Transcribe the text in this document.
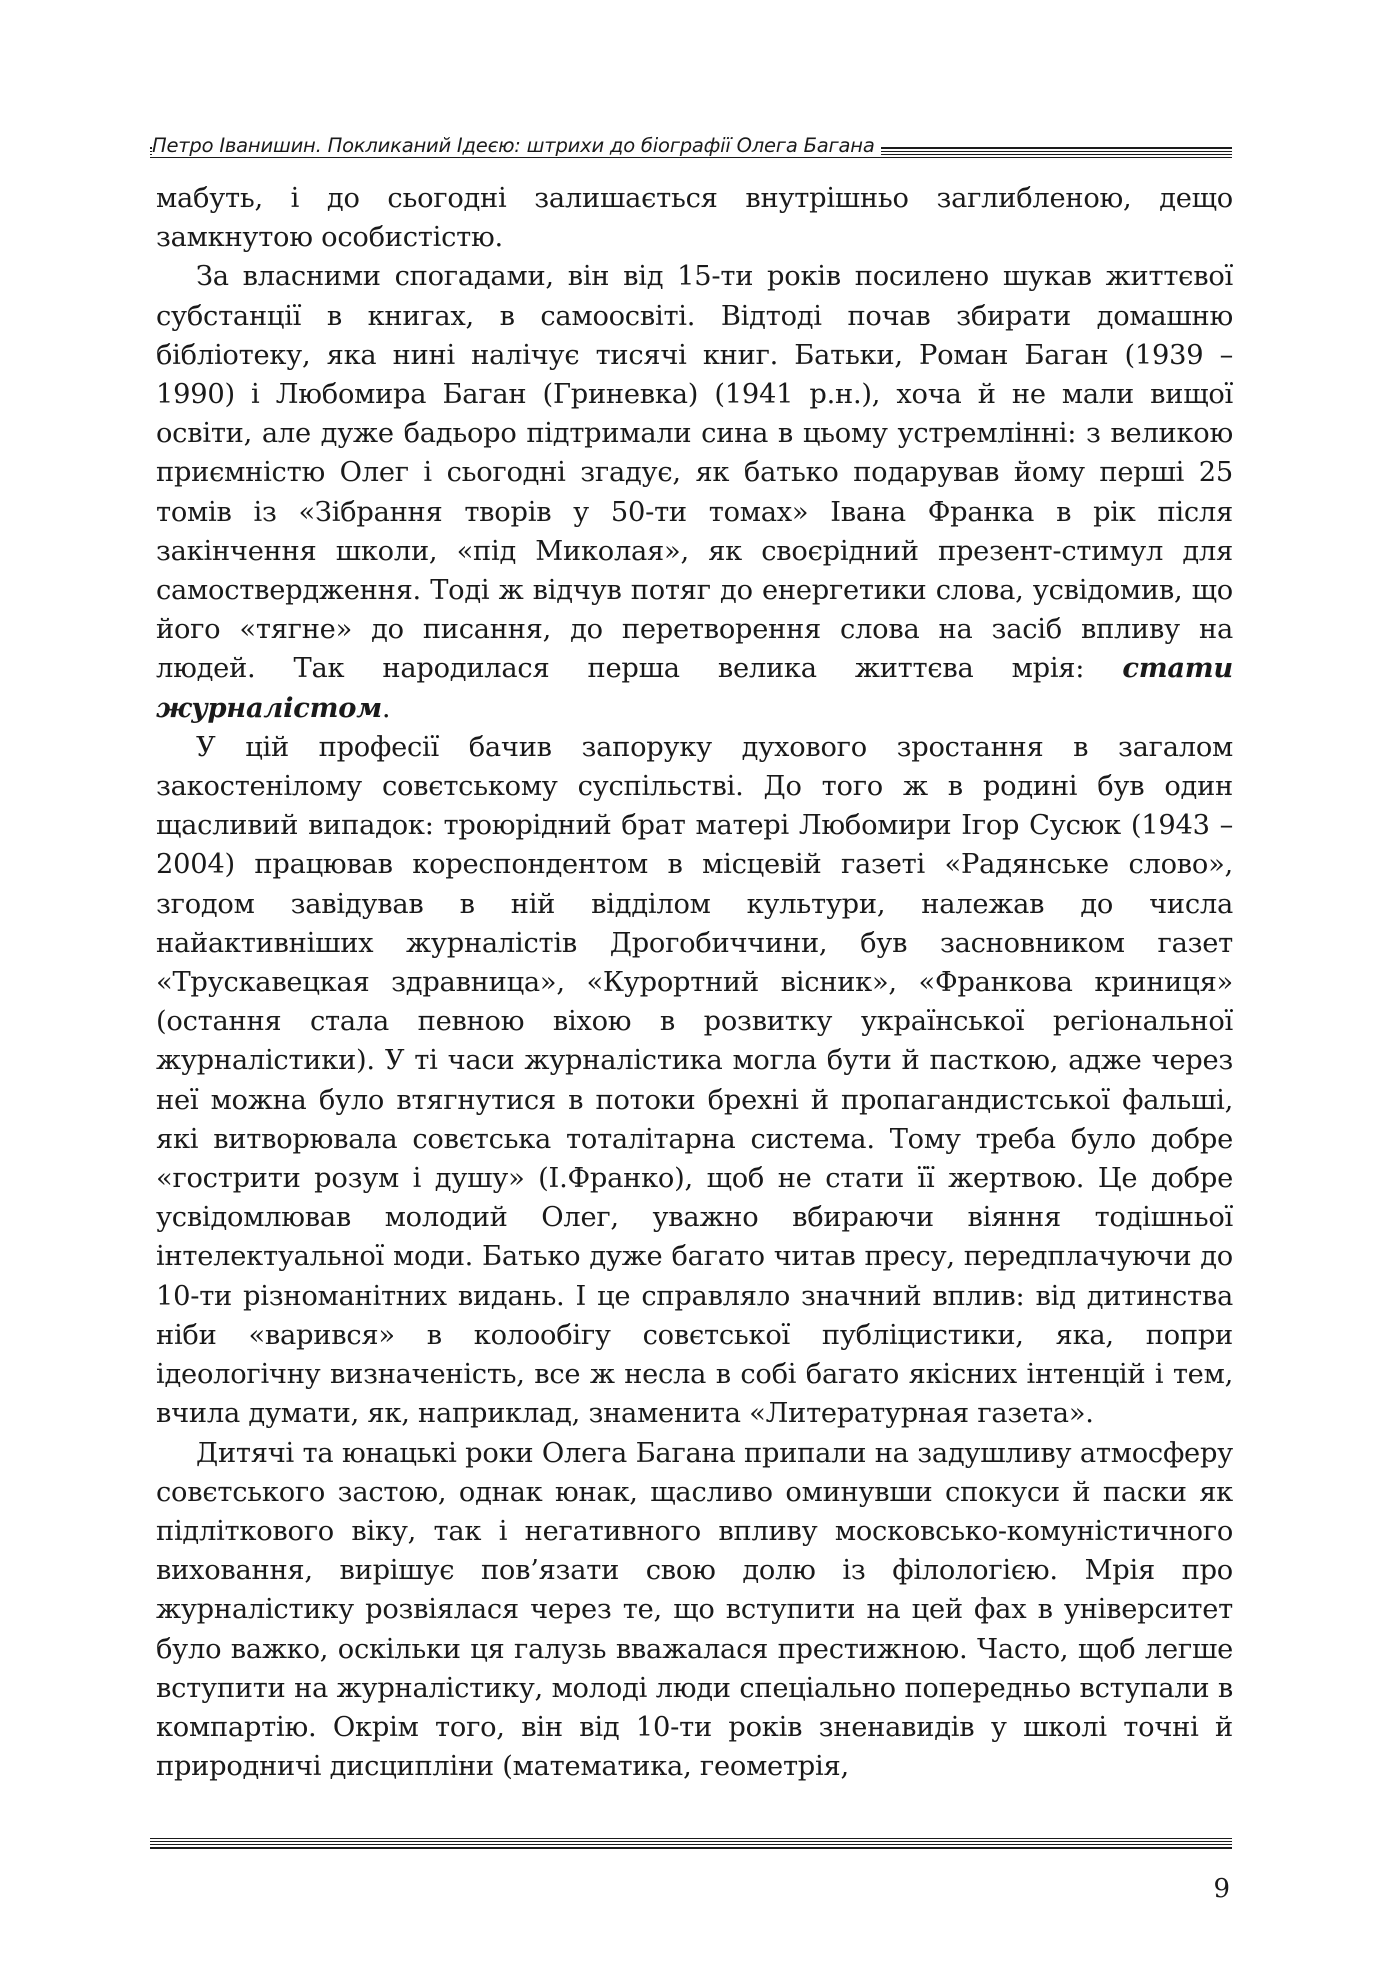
Петро Іванишин. Покликаний Ідеєю: штрихи до біографії Олега Багана

мабуть, і до сьогодні залишається внутрішньо заглибленою, дещо замкнутою особистістю.

За власними спогадами, він від 15-ти років посилено шукав життєвої субстанції в книгах, в самоосвіті. Відтоді почав збирати домашню бібліотеку, яка нині налічує тисячі книг. Батьки, Роман Баган (1939 – 1990) і Любомира Баган (Гриневка) (1941 р.н.), хоча й не мали вищої освіти, але дуже бадьоро підтримали сина в цьому устремлінні: з великою приємністю Олег і сьогодні згадує, як батько подарував йому перші 25 томів із «Зібрання творів у 50-ти томах» Івана Франка в рік після закінчення школи, «під Миколая», як своєрідний презент-стимул для самоствердження. Тоді ж відчув потяг до енергетики слова, усвідомив, що його «тягне» до писання, до перетворення слова на засіб впливу на людей. Так народилася перша велика життєва мрія: стати журналістом.

У цій професії бачив запоруку духового зростання в загалом закостенілому совєтському суспільстві. До того ж в родині був один щасливий випадок: троюрідний брат матері Любомири Ігор Сусюк (1943 – 2004) працював кореспондентом в місцевій газеті «Радянське слово», згодом завідував в ній відділом культури, належав до числа найактивніших журналістів Дрогобиччини, був засновником газет «Трускавецкая здравница», «Курортний вісник», «Франкова криниця» (остання стала певною віхою в розвитку української регіональної журналістики). У ті часи журналістика могла бути й пасткою, адже через неї можна було втягнутися в потоки брехні й пропагандистської фальші, які витворювала совєтська тоталітарна система. Тому треба було добре «гострити розум і душу» (І.Франко), щоб не стати її жертвою. Це добре усвідомлював молодий Олег, уважно вбираючи віяння тодішньої інтелектуальної моди. Батько дуже багато читав пресу, передплачуючи до 10-ти різноманітних видань. І це справляло значний вплив: від дитинства ніби «варився» в колообігу совєтської публіцистики, яка, попри ідеологічну визначеність, все ж несла в собі багато якісних інтенцій і тем, вчила думати, як, наприклад, знаменита «Литературная газета».

Дитячі та юнацькі роки Олега Багана припали на задушливу атмосферу совєтського застою, однак юнак, щасливо оминувши спокуси й паски як підліткового віку, так і негативного впливу московсько-комуністичного виховання, вирішує пов’язати свою долю із філологією. Мрія про журналістику розвіялася через те, що вступити на цей фах в університет було важко, оскільки ця галузь вважалася престижною. Часто, щоб легше вступити на журналістику, молоді люди спеціально попередньо вступали в компартію. Окрім того, він від 10-ти років зненавидів у школі точні й природничі дисципліни (математика, геометрія,

9
